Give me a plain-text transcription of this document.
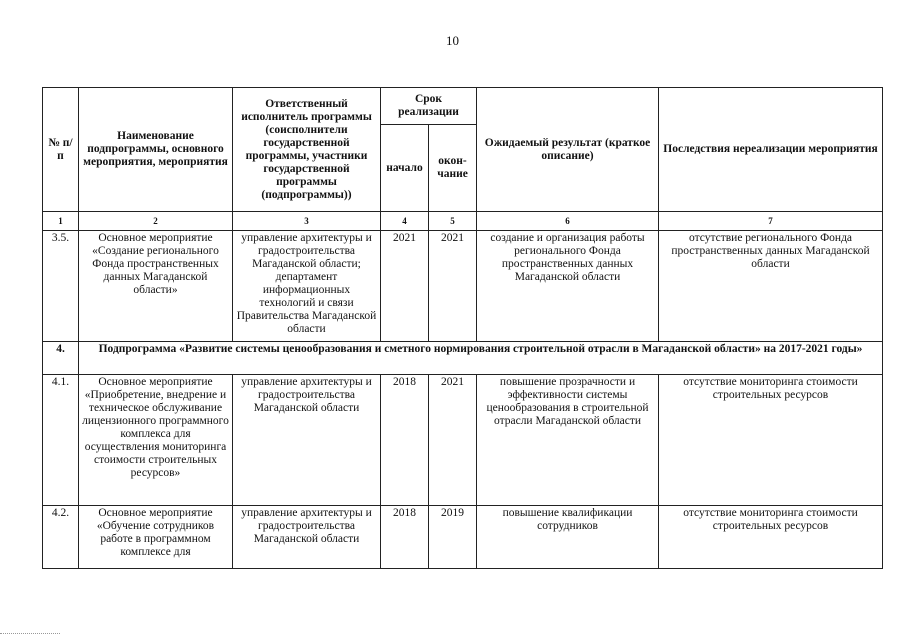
10
№ п/п	Наименование подпрограммы, основного мероприятия, мероприятия	Ответственный исполнитель программы (соисполнители государственной программы, участники государственной программы (подпрограммы))	Срок реализации		Ожидаемый результат (краткое описание)	Последствия нереализации мероприятия
			начало	окон-чание		
1	2	3	4	5	6	7
3.5.	Основное мероприятие «Создание регионального Фонда пространственных данных Магаданской области»	управление архитектуры и градостроительства Магаданской области; департамент информационных технологий и связи Правительства Магаданской области	2021	2021	создание и организация работы регионального Фонда пространственных данных Магаданской области	отсутствие регионального Фонда пространственных данных Магаданской области
4.	Подпрограмма «Развитие системы ценообразования и сметного нормирования строительной отрасли в Магаданской области» на 2017-2021 годы»					
4.1.	Основное мероприятие «Приобретение, внедрение и техническое обслуживание лицензионного программного комплекса для осуществления мониторинга стоимости строительных ресурсов»	управление архитектуры и градостроительства Магаданской области	2018	2021	повышение прозрачности и эффективности системы ценообразования в строительной отрасли Магаданской области	отсутствие мониторинга стоимости строительных ресурсов
4.2.	Основное мероприятие «Обучение сотрудников работе в программном комплексе для	управление архитектуры и градостроительства Магаданской области	2018	2019	повышение квалификации сотрудников	отсутствие мониторинга стоимости строительных ресурсов
